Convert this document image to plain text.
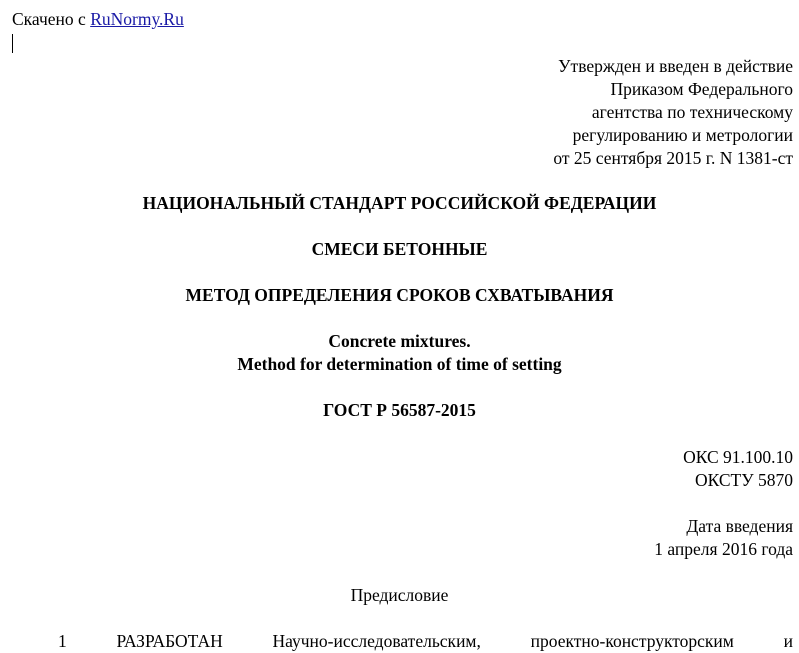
Скачено с RuNormy.Ru
Утвержден и введен в действие
Приказом Федерального
агентства по техническому
регулированию и метрологии
от 25 сентября 2015 г. N 1381-ст
НАЦИОНАЛЬНЫЙ СТАНДАРТ РОССИЙСКОЙ ФЕДЕРАЦИИ
СМЕСИ БЕТОННЫЕ
МЕТОД ОПРЕДЕЛЕНИЯ СРОКОВ СХВАТЫВАНИЯ
Concrete mixtures.
Method for determination of time of setting
ГОСТ Р 56587-2015
ОКС 91.100.10
ОКСТУ 5870
Дата введения
1 апреля 2016 года
Предисловие
1	РАЗРАБОТАН	Научно-исследовательским,	проектно-конструкторским	и
